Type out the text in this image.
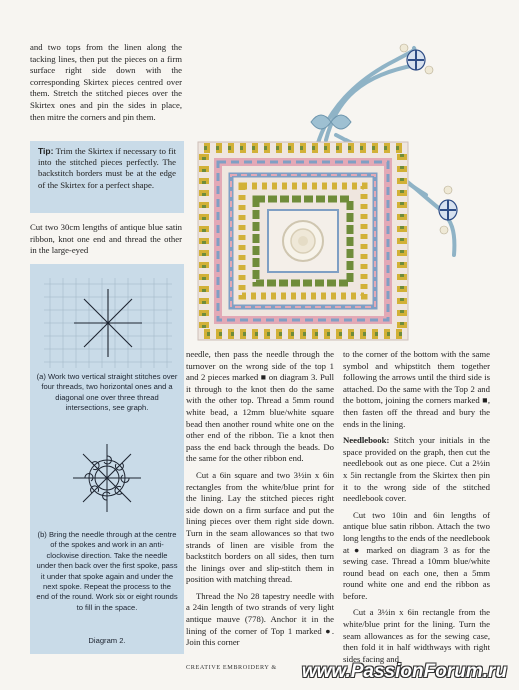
and two tops from the linen along the tacking lines, then put the pieces on a firm surface right side down with the corresponding Skirtex pieces centred over them. Stretch the stitched pieces over the Skirtex ones and pin the sides in place, then mitre the corners and pin them.

Tip: Trim the Skirtex if necessary to fit into the stitched pieces perfectly. The backstitch borders must be at the edge of the Skirtex for a perfect shape.

Cut two 30cm lengths of antique blue satin ribbon, knot one end and thread the other in the large-eyed

(a) Work two vertical straight stitches over four threads, two horizontal ones and a diagonal one over three thread intersections, see graph.
(b) Bring the needle through at the centre of the spokes and work in an anti-clockwise direction. Take the needle under then back over the first spoke, pass it under that spoke again and under the next spoke. Repeat the process to the end of the round. Work six or eight rounds to fill in the space.
Diagram 2.

needle, then pass the needle through the turnover on the wrong side of the top 1 and 2 pieces marked ■ on diagram 3. Pull it through to the knot then do the same with the other top. Thread a 5mm round white bead, a 12mm blue/white square bead then another round white one on the other end of the ribbon. Tie a knot then pass the end back through the beads. Do the same for the other ribbon end.

Cut a 6in square and two 3½in x 6in rectangles from the white/blue print for the lining. Lay the stitched pieces right side down on a firm surface and put the lining pieces over them right side down. Turn in the seam allowances so that two strands of linen are visible from the backstitch borders on all sides, then turn the linings over and slip-stitch them in position with matching thread.

Thread the No 28 tapestry needle with a 24in length of two strands of very light antique mauve (778). Anchor it in the lining of the corner of Top 1 marked ●. Join this corner

to the corner of the bottom with the same symbol and whipstitch them together following the arrows until the third side is attached. Do the same with the Top 2 and the bottom, joining the corners marked ■, then fasten off the thread and bury the ends in the lining.

Needlebook: Stitch your initials in the space provided on the graph, then cut the needlebook out as one piece. Cut a 2½in x 5in rectangle from the Skirtex then pin it to the wrong side of the stitched needlebook cover.

Cut two 10in and 6in lengths of antique blue satin ribbon. Attach the two long lengths to the ends of the needlebook at ● marked on diagram 3 as for the sewing case. Thread a 10mm blue/white round bead on each one, then a 5mm round white one and end the ribbon as before.

Cut a 3½in x 6in rectangle from the white/blue print for the lining. Turn the seam allowances as for the sewing case, then fold it in half widthways with right sides facing and

CREATIVE EMBROIDERY & www.PassionForum.ru
